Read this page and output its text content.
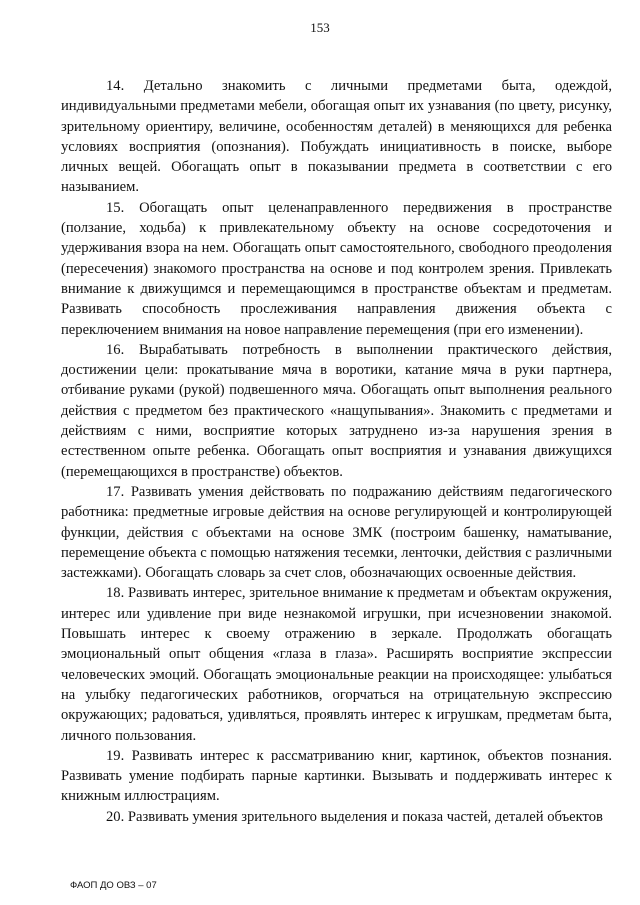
153

14. Детально знакомить с личными предметами быта, одеждой, индивидуальными предметами мебели, обогащая опыт их узнавания (по цвету, рисунку, зрительному ориентиру, величине, особенностям деталей) в меняющихся для ребенка условиях восприятия (опознания). Побуждать инициативность в поиске, выборе личных вещей. Обогащать опыт в показывании предмета в соответствии с его называнием.

15. Обогащать опыт целенаправленного передвижения в пространстве (ползание, ходьба) к привлекательному объекту на основе сосредоточения и удерживания взора на нем. Обогащать опыт самостоятельного, свободного преодоления (пересечения) знакомого пространства на основе и под контролем зрения. Привлекать внимание к движущимся и перемещающимся в пространстве объектам и предметам. Развивать способность прослеживания направления движения объекта с переключением внимания на новое направление перемещения (при его изменении).

16. Вырабатывать потребность в выполнении практического действия, достижении цели: прокатывание мяча в воротики, катание мяча в руки партнера, отбивание руками (рукой) подвешенного мяча. Обогащать опыт выполнения реального действия с предметом без практического «нащупывания». Знакомить с предметами и действиям с ними, восприятие которых затруднено из-за нарушения зрения в естественном опыте ребенка. Обогащать опыт восприятия и узнавания движущихся (перемещающихся в пространстве) объектов.

17. Развивать умения действовать по подражанию действиям педагогического работника: предметные игровые действия на основе регулирующей и контролирующей функции, действия с объектами на основе ЗМК (построим башенку, наматывание, перемещение объекта с помощью натяжения тесемки, ленточки, действия с различными застежками). Обогащать словарь за счет слов, обозначающих освоенные действия.

18. Развивать интерес, зрительное внимание к предметам и объектам окружения, интерес или удивление при виде незнакомой игрушки, при исчезновении знакомой. Повышать интерес к своему отражению в зеркале. Продолжать обогащать эмоциональный опыт общения «глаза в глаза». Расширять восприятие экспрессии человеческих эмоций. Обогащать эмоциональные реакции на происходящее: улыбаться на улыбку педагогических работников, огорчаться на отрицательную экспрессию окружающих; радоваться, удивляться, проявлять интерес к игрушкам, предметам быта, личного пользования.

19. Развивать интерес к рассматриванию книг, картинок, объектов познания. Развивать умение подбирать парные картинки. Вызывать и поддерживать интерес к книжным иллюстрациям.

20. Развивать умения зрительного выделения и показа частей, деталей объектов

ФАОП ДО ОВЗ – 07
